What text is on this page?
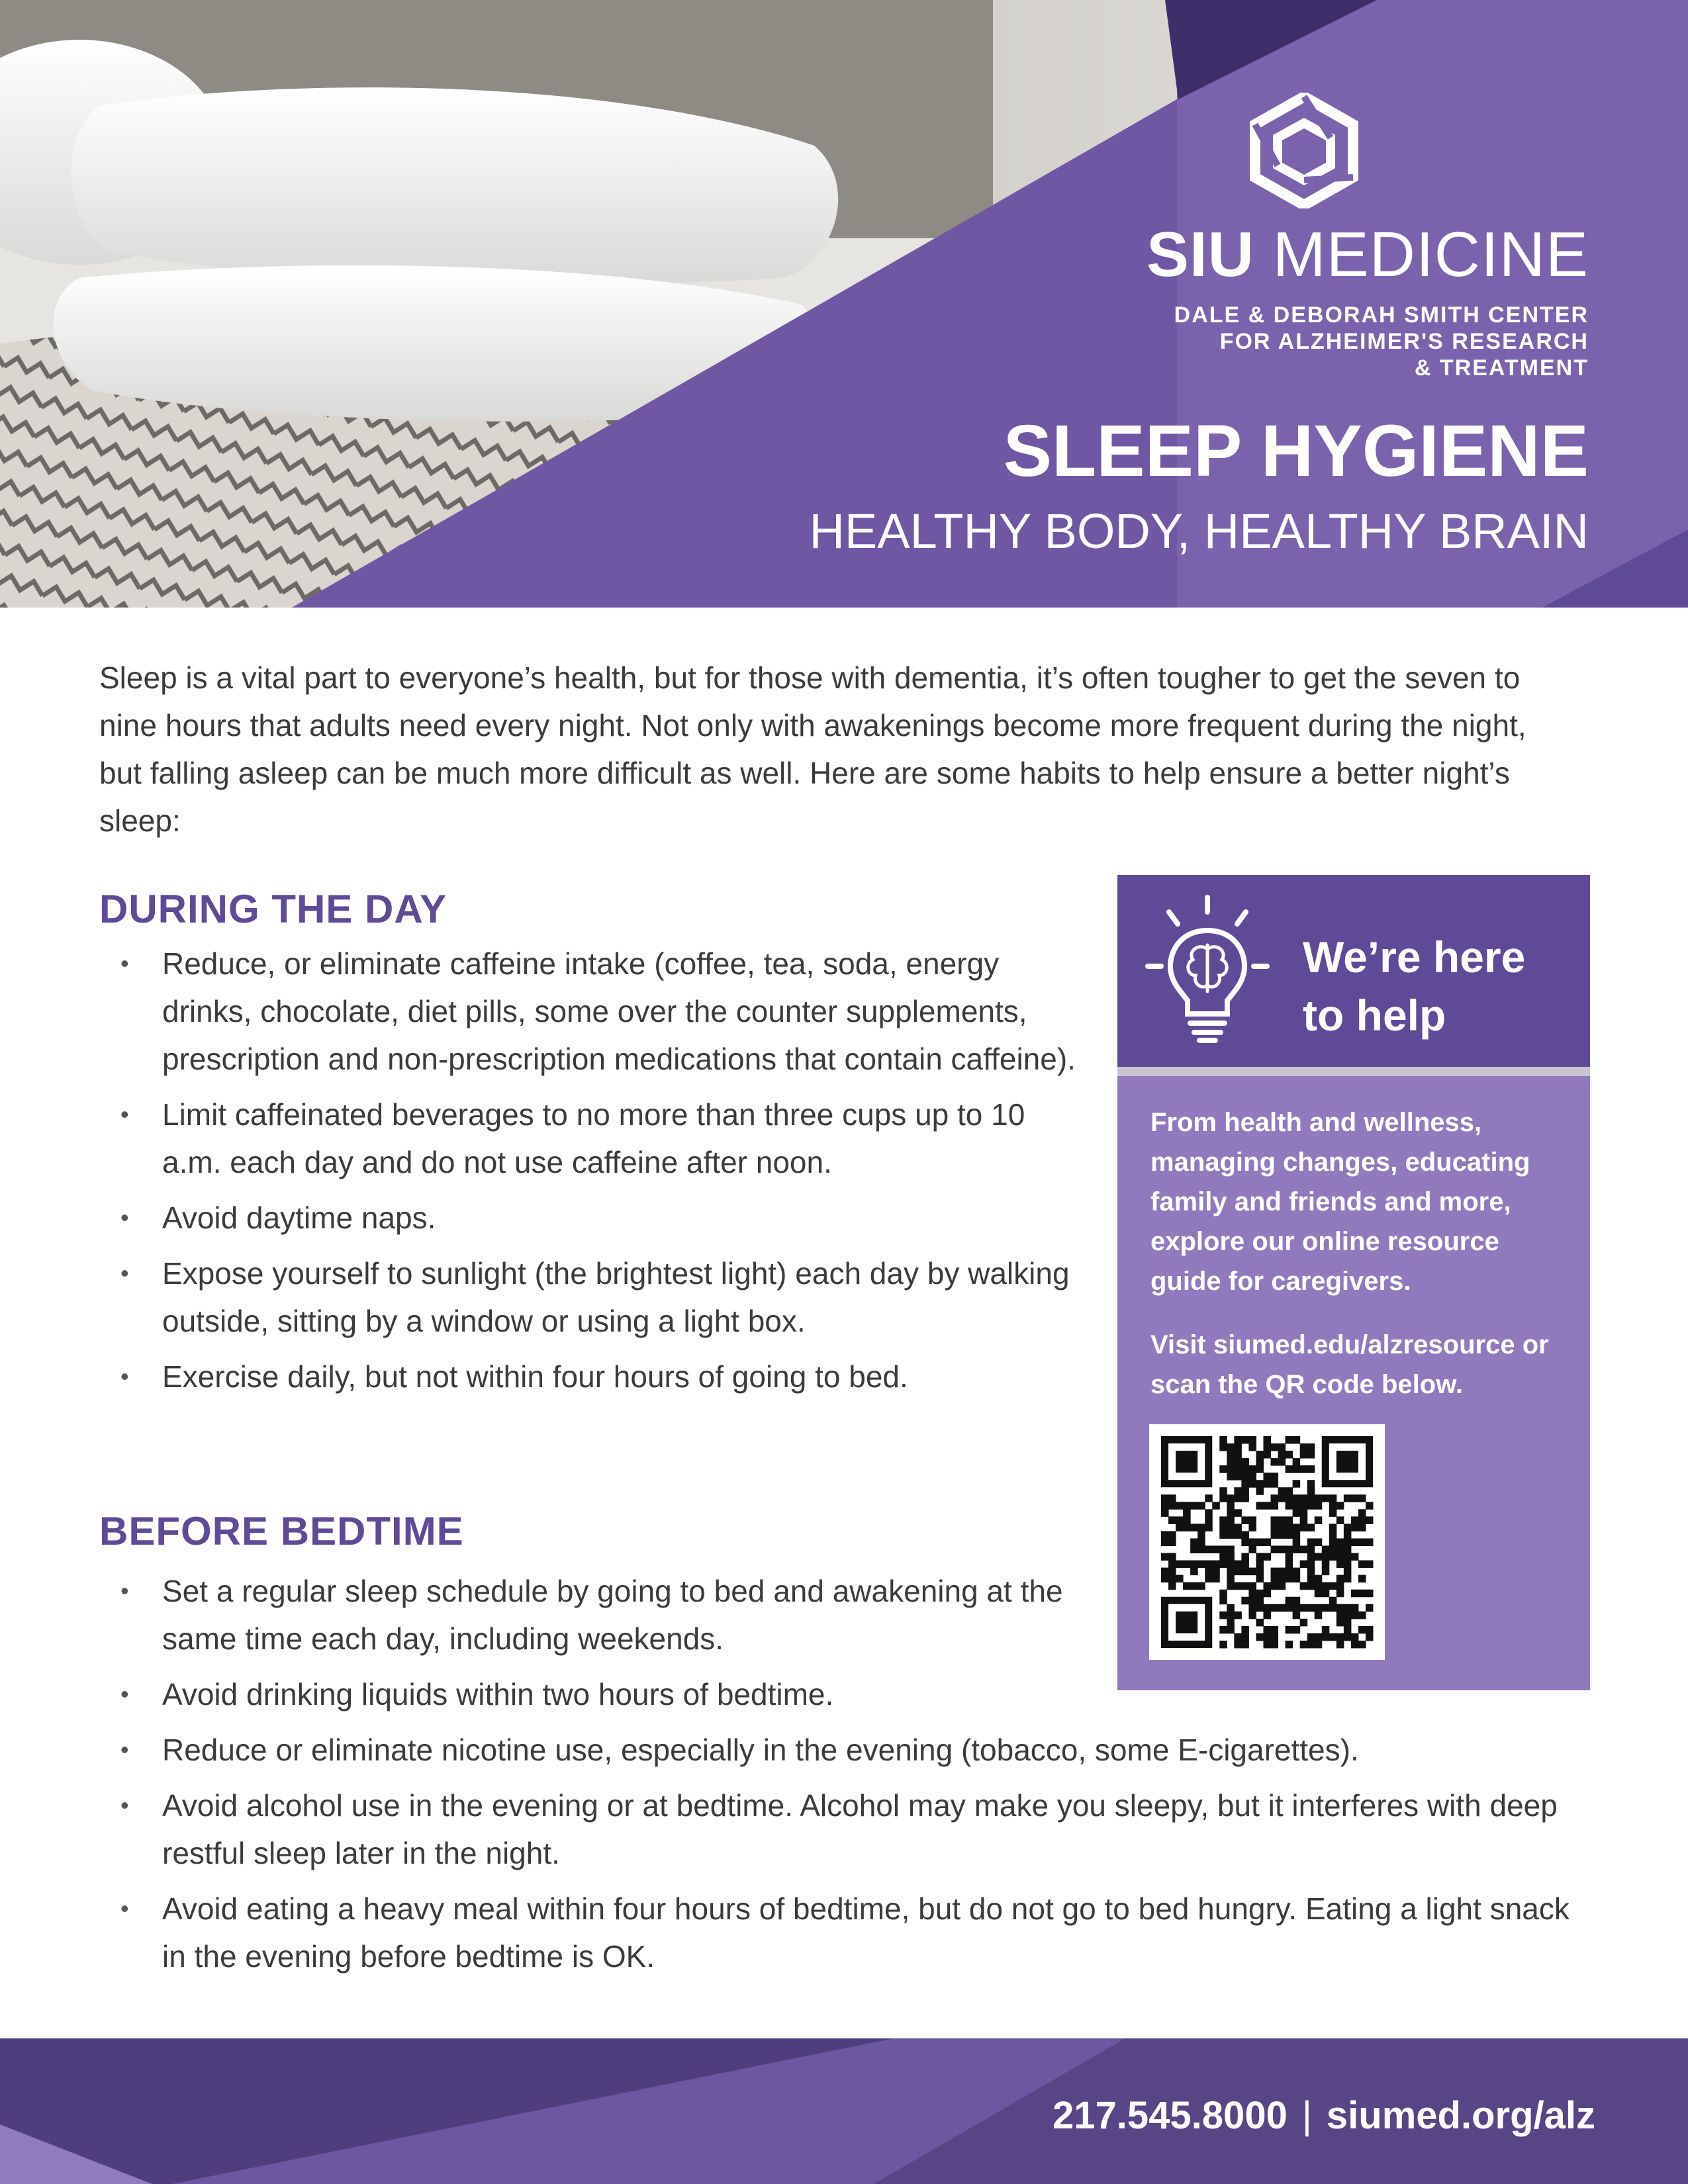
SIU MEDICINE
DALE & DEBORAH SMITH CENTER
FOR ALZHEIMER'S RESEARCH
& TREATMENT
SLEEP HYGIENE
HEALTHY BODY, HEALTHY BRAIN

Sleep is a vital part to everyone’s health, but for those with dementia, it’s often tougher to get the seven to nine hours that adults need every night. Not only with awakenings become more frequent during the night, but falling asleep can be much more difficult as well. Here are some habits to help ensure a better night’s sleep:

DURING THE DAY
• Reduce, or eliminate caffeine intake (coffee, tea, soda, energy drinks, chocolate, diet pills, some over the counter supplements, prescription and non-prescription medications that contain caffeine).
• Limit caffeinated beverages to no more than three cups up to 10 a.m. each day and do not use caffeine after noon.
• Avoid daytime naps.
• Expose yourself to sunlight (the brightest light) each day by walking outside, sitting by a window or using a light box.
• Exercise daily, but not within four hours of going to bed.
BEFORE BEDTIME
• Set a regular sleep schedule by going to bed and awakening at the same time each day, including weekends.
• Avoid drinking liquids within two hours of bedtime.
• Reduce or eliminate nicotine use, especially in the evening (tobacco, some E-cigarettes).
• Avoid alcohol use in the evening or at bedtime. Alcohol may make you sleepy, but it interferes with deep restful sleep later in the night.
• Avoid eating a heavy meal within four hours of bedtime, but do not go to bed hungry. Eating a light snack in the evening before bedtime is OK.
We’re here
to help
From health and wellness, managing changes, educating family and friends and more, explore our online resource guide for caregivers.
Visit siumed.edu/alzresource or scan the QR code below.
217.545.8000 | siumed.org/alz
